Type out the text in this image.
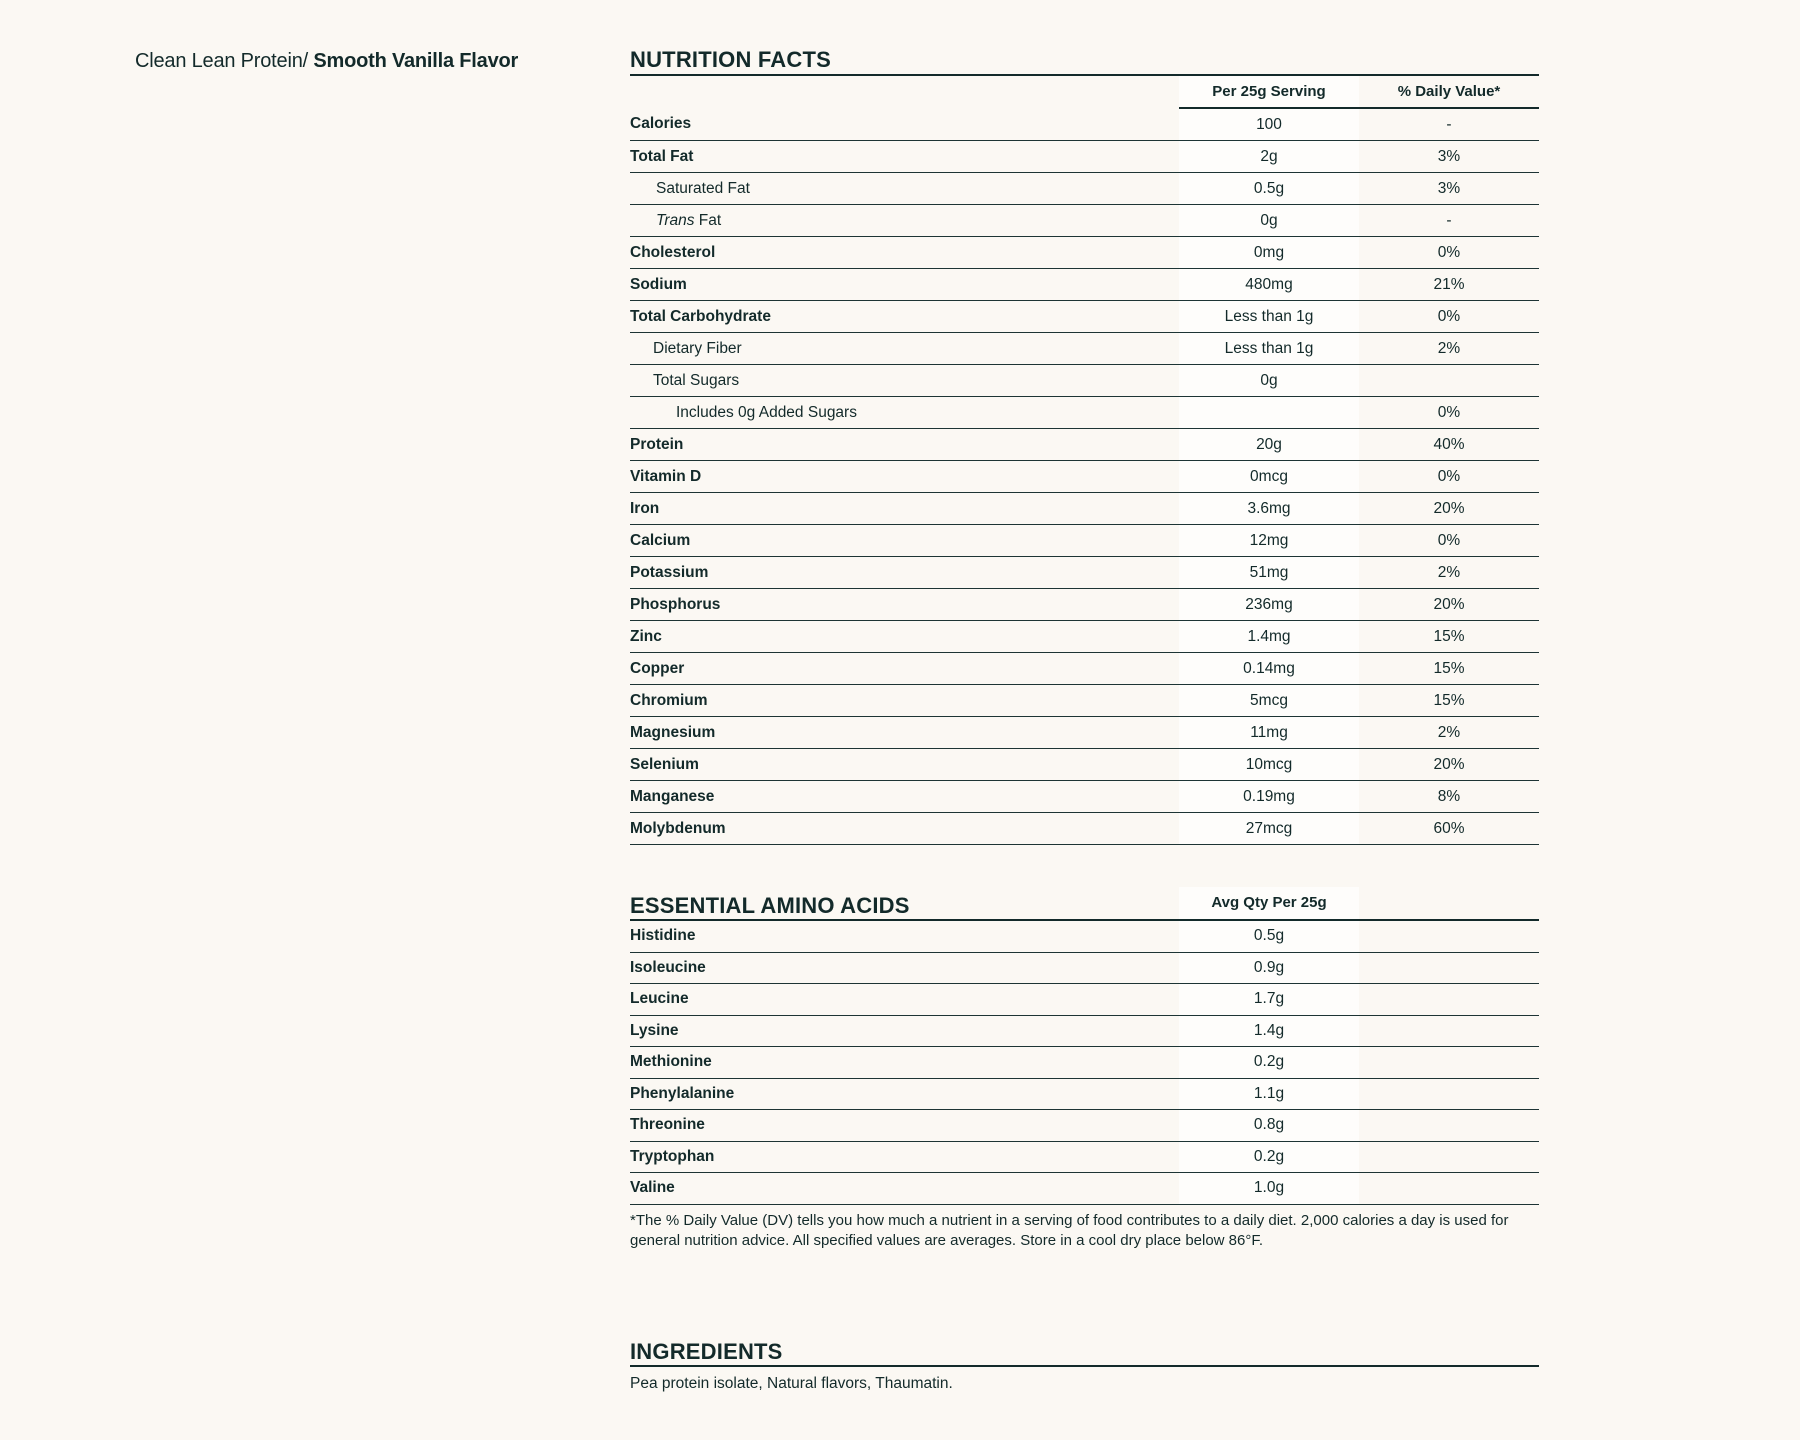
Clean Lean Protein/ Smooth Vanilla Flavor	NUTRITION FACTS
	Per 25g Serving	% Daily Value*
Calories	100	-
Total Fat	2g	3%
Saturated Fat	0.5g	3%
Trans Fat	0g	-
Cholesterol	0mg	0%
Sodium	480mg	21%
Total Carbohydrate	Less than 1g	0%
Dietary Fiber	Less than 1g	2%
Total Sugars	0g	
Includes 0g Added Sugars		0%
Protein	20g	40%
Vitamin D	0mcg	0%
Iron	3.6mg	20%
Calcium	12mg	0%
Potassium	51mg	2%
Phosphorus	236mg	20%
Zinc	1.4mg	15%
Copper	0.14mg	15%
Chromium	5mcg	15%
Magnesium	11mg	2%
Selenium	10mcg	20%
Manganese	0.19mg	8%
Molybdenum	27mcg	60%
ESSENTIAL AMINO ACIDS	Avg Qty Per 25g
Histidine	0.5g	
Isoleucine	0.9g	
Leucine	1.7g	
Lysine	1.4g	
Methionine	0.2g	
Phenylalanine	1.1g	
Threonine	0.8g	
Tryptophan	0.2g	
Valine	1.0g	
*The % Daily Value (DV) tells you how much a nutrient in a serving of food contributes to a daily diet. 2,000 calories a day is used for general nutrition advice. All specified values are averages. Store in a cool dry place below 86°F.
INGREDIENTS
Pea protein isolate, Natural flavors, Thaumatin.
